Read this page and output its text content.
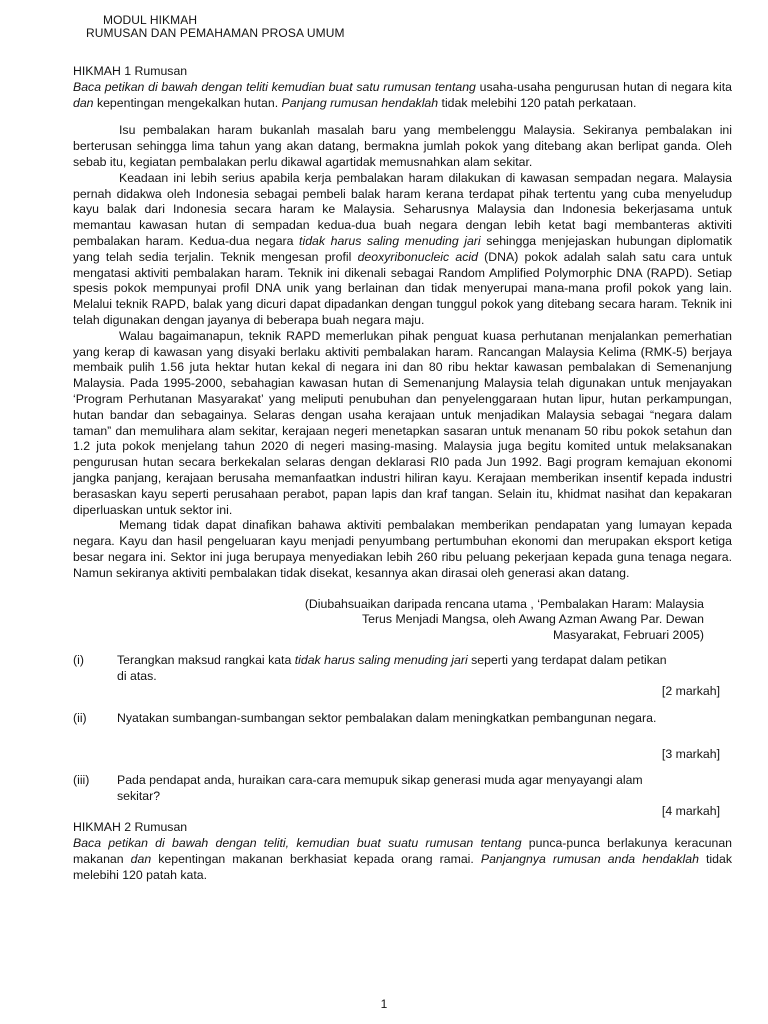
MODUL HIKMAH
RUMUSAN DAN PEMAHAMAN PROSA UMUM

HIKMAH 1 Rumusan

Baca petikan di bawah dengan teliti kemudian buat satu rumusan tentang usaha-usaha pengurusan hutan di negara kita dan kepentingan mengekalkan hutan. Panjang rumusan hendaklah tidak melebihi 120 patah perkataan.

Isu pembalakan haram bukanlah masalah baru yang membelenggu Malaysia. Sekiranya pembalakan ini berterusan sehingga lima tahun yang akan datang, bermakna jumlah pokok yang ditebang akan berlipat ganda. Oleh sebab itu, kegiatan pembalakan perlu dikawal agartidak memusnahkan alam sekitar.

Keadaan ini lebih serius apabila kerja pembalakan haram dilakukan di kawasan sempadan negara. Malaysia pernah didakwa oleh Indonesia sebagai pembeli balak haram kerana terdapat pihak tertentu yang cuba menyeludup kayu balak dari Indonesia secara haram ke Malaysia. Seharusnya Malaysia dan Indonesia bekerjasama untuk memantau kawasan hutan di sempadan kedua-dua buah negara dengan lebih ketat bagi membanteras aktiviti pembalakan haram. Kedua-dua negara tidak harus saling menuding jari sehingga menjejaskan hubungan diplomatik yang telah sedia terjalin. Teknik mengesan profil deoxyribonucleic acid (DNA) pokok adalah salah satu cara untuk mengatasi aktiviti pembalakan haram. Teknik ini dikenali sebagai Random Amplified Polymorphic DNA (RAPD). Setiap spesis pokok mempunyai profil DNA unik yang berlainan dan tidak menyerupai mana-mana profil pokok yang lain. Melalui teknik RAPD, balak yang dicuri dapat dipadankan dengan tunggul pokok yang ditebang secara haram. Teknik ini telah digunakan dengan jayanya di beberapa buah negara maju.

Walau bagaimanapun, teknik RAPD memerlukan pihak penguat kuasa perhutanan menjalankan pemerhatian yang kerap di kawasan yang disyaki berlaku aktiviti pembalakan haram. Rancangan Malaysia Kelima (RMK-5) berjaya membaik pulih 1.56 juta hektar hutan kekal di negara ini dan 80 ribu hektar kawasan pembalakan di Semenanjung Malaysia. Pada 1995-2000, sebahagian kawasan hutan di Semenanjung Malaysia telah digunakan untuk menjayakan ‘Program Perhutanan Masyarakat’ yang meliputi penubuhan dan penyelenggaraan hutan lipur, hutan perkampungan, hutan bandar dan sebagainya. Selaras dengan usaha kerajaan untuk menjadikan Malaysia sebagai “negara dalam taman” dan memulihara alam sekitar, kerajaan negeri menetapkan sasaran untuk menanam 50 ribu pokok setahun dan 1.2 juta pokok menjelang tahun 2020 di negeri masing-masing. Malaysia juga begitu komited untuk melaksanakan pengurusan hutan secara berkekalan selaras dengan deklarasi RI0 pada Jun 1992. Bagi program kemajuan ekonomi jangka panjang, kerajaan berusaha memanfaatkan industri hiliran kayu. Kerajaan memberikan insentif kepada industri berasaskan kayu seperti perusahaan perabot, papan lapis dan kraf tangan. Selain itu, khidmat nasihat dan kepakaran diperluaskan untuk sektor ini.

Memang tidak dapat dinafikan bahawa aktiviti pembalakan memberikan pendapatan yang lumayan kepada negara. Kayu dan hasil pengeluaran kayu menjadi penyumbang pertumbuhan ekonomi dan merupakan eksport ketiga besar negara ini. Sektor ini juga berupaya menyediakan lebih 260 ribu peluang pekerjaan kepada guna tenaga negara. Namun sekiranya aktiviti pembalakan tidak disekat, kesannya akan dirasai oleh generasi akan datang.

(Diubahsuaikan daripada rencana utama , ‘Pembalakan Haram: Malaysia
Terus Menjadi Mangsa, oleh Awang Azman Awang Par. Dewan
Masyarakat, Februari 2005)
(i)	Terangkan maksud rangkai kata tidak harus saling menuding jari seperti yang terdapat dalam petikan di atas.
[2 markah]
(ii) Nyatakan sumbangan-sumbangan sektor pembalakan dalam meningkatkan pembangunan negara.
[3 markah]
(iii) Pada pendapat anda, huraikan cara-cara memupuk sikap generasi muda agar menyayangi alam sekitar?
[4 markah]

HIKMAH 2 Rumusan

Baca petikan di bawah dengan teliti, kemudian buat suatu rumusan tentang punca-punca berlakunya keracunan makanan dan kepentingan makanan berkhasiat kepada orang ramai. Panjangnya rumusan anda hendaklah tidak melebihi 120 patah kata.

1
